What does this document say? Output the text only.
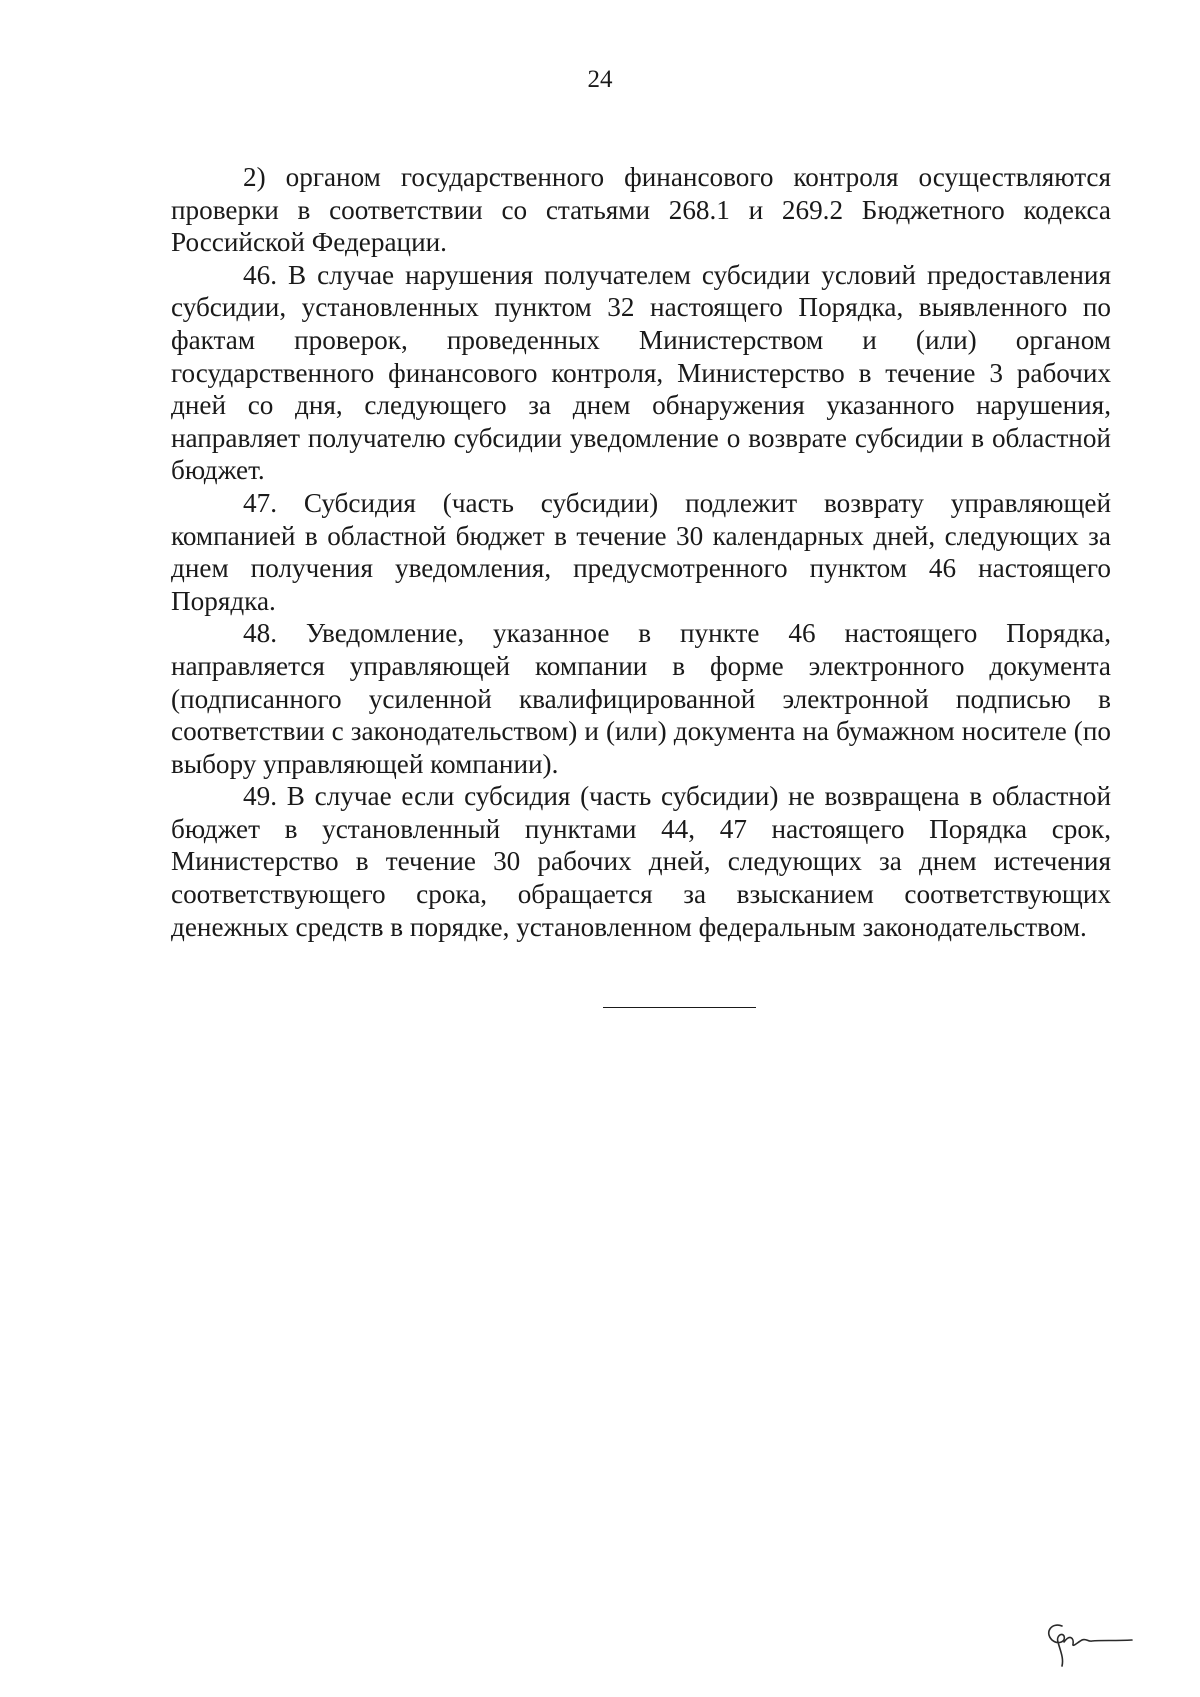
24

2) органом государственного финансового контроля осуществляются проверки в соответствии со статьями 268.1 и 269.2 Бюджетного кодекса Российской Федерации.

46. В случае нарушения получателем субсидии условий предоставления субсидии, установленных пунктом 32 настоящего Порядка, выявленного по фактам проверок, проведенных Министерством и (или) органом государственного финансового контроля, Министерство в течение 3 рабочих дней со дня, следующего за днем обнаружения указанного нарушения, направляет получателю субсидии уведомление о возврате субсидии в областной бюджет.

47. Субсидия (часть субсидии) подлежит возврату управляющей компанией в областной бюджет в течение 30 календарных дней, следующих за днем получения уведомления, предусмотренного пунктом 46 настоящего Порядка.

48. Уведомление, указанное в пункте 46 настоящего Порядка, направляется управляющей компании в форме электронного документа (подписанного усиленной квалифицированной электронной подписью в соответствии с законодательством) и (или) документа на бумажном носителе (по выбору управляющей компании).

49. В случае если субсидия (часть субсидии) не возвращена в областной бюджет в установленный пунктами 44, 47 настоящего Порядка срок, Министерство в течение 30 рабочих дней, следующих за днем истечения соответствующего срока, обращается за взысканием соответствующих денежных средств в порядке, установленном федеральным законодательством.
